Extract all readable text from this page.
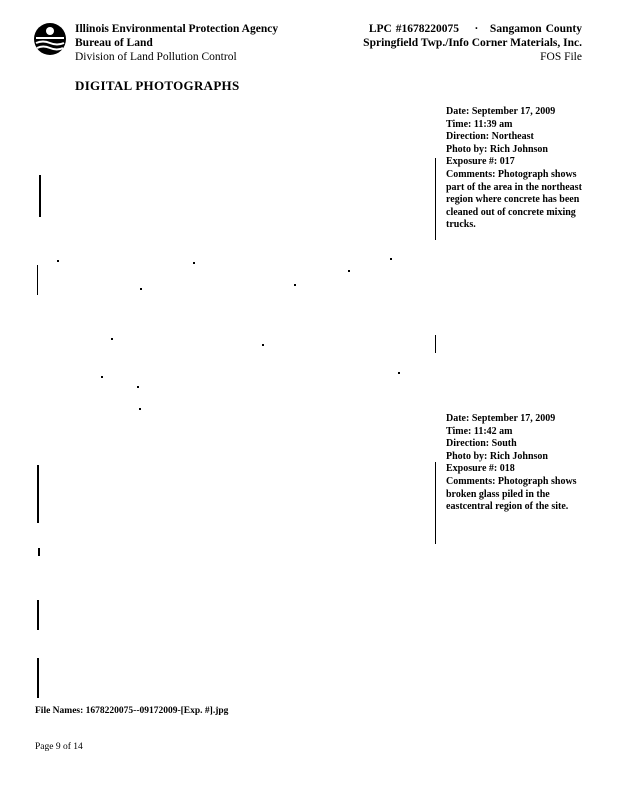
Illinois Environmental Protection Agency
Bureau of Land
Division of Land Pollution Control
LPC #1678220075    ·   Sangamon County
Springfield Twp./Info Corner Materials, Inc.
FOS File
DIGITAL PHOTOGRAPHS
Date: September 17, 2009
Time: 11:39 am
Direction: Northeast
Photo by: Rich Johnson
Exposure #: 017
Comments: Photograph shows part of the area in the northeast region where concrete has been cleaned out of concrete mixing trucks.
Date: September 17, 2009
Time: 11:42 am
Direction: South
Photo by: Rich Johnson
Exposure #: 018
Comments: Photograph shows broken glass piled in the eastcentral region of the site.
File Names: 1678220075--09172009-[Exp. #].jpg
Page 9 of 14
